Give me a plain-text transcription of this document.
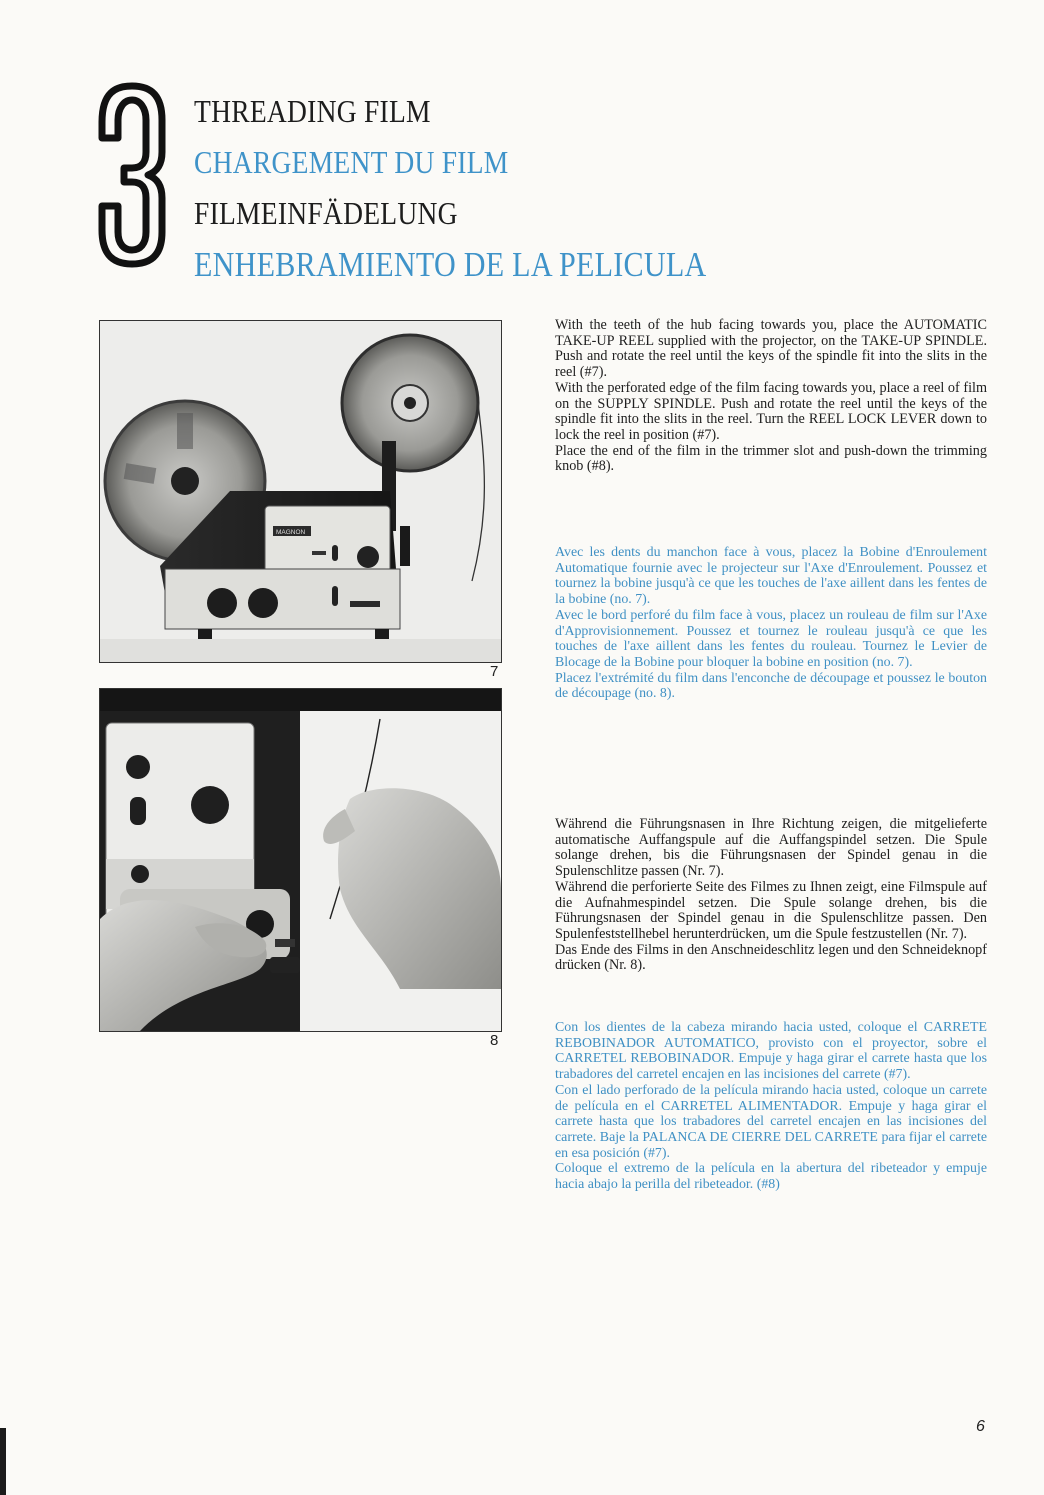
THREADING FILM
CHARGEMENT DU FILM
FILMEINFÄDELUNG
ENHEBRAMIENTO DE LA PELICULA
MAGNON
7
8

With the teeth of the hub facing towards you, place the AUTOMATIC TAKE-UP REEL supplied with the projector, on the TAKE-UP SPINDLE. Push and rotate the reel until the keys of the spindle fit into the slits in the reel (#7).

With the perforated edge of the film facing towards you, place a reel of film on the SUPPLY SPINDLE. Push and rotate the reel until the keys of the spindle fit into the slits in the reel. Turn the REEL LOCK LEVER down to lock the reel in position (#7).

Place the end of the film in the trimmer slot and push-down the trimming knob (#8).

Avec les dents du manchon face à vous, placez la Bobine d'Enroulement Automatique fournie avec le projecteur sur l'Axe d'Enroulement. Poussez et tournez la bobine jusqu'à ce que les touches de l'axe aillent dans les fentes de la bobine (no. 7).

Avec le bord perforé du film face à vous, placez un rouleau de film sur l'Axe d'Approvisionnement. Poussez et tournez le rouleau jusqu'à ce que les touches de l'axe aillent dans les fentes du rouleau. Tournez le Levier de Blocage de la Bobine pour bloquer la bobine en position (no. 7).

Placez l'extrémité du film dans l'enconche de découpage et poussez le bouton de découpage (no. 8).

Während die Führungsnasen in Ihre Richtung zeigen, die mitgelieferte automatische Auffangspule auf die Auffangspindel setzen. Die Spule solange drehen, bis die Führungsnasen der Spindel genau in die Spulenschlitze passen (Nr. 7).

Während die perforierte Seite des Filmes zu Ihnen zeigt, eine Filmspule auf die Aufnahmespindel setzen. Die Spule solange drehen, bis die Führungsnasen der Spindel genau in die Spulenschlitze passen. Den Spulenfeststellhebel herunterdrücken, um die Spule festzustellen (Nr. 7).

Das Ende des Films in den Anschneideschlitz legen und den Schneideknopf drücken (Nr. 8).

Con los dientes de la cabeza mirando hacia usted, coloque el CARRETE REBOBINADOR AUTOMATICO, provisto con el proyector, sobre el CARRETEL REBOBINADOR. Empuje y haga girar el carrete hasta que los trabadores del carretel encajen en las incisiones del carrete (#7).

Con el lado perforado de la película mirando hacia usted, coloque un carrete de película en el CARRETEL ALIMENTADOR. Empuje y haga girar el carrete hasta que los trabadores del carretel encajen en las incisiones del carrete. Baje la PALANCA DE CIERRE DEL CARRETE para fijar el carrete en esa posición (#7).

Coloque el extremo de la película en la abertura del ribeteador y empuje hacia abajo la perilla del ribeteador. (#8)

6
